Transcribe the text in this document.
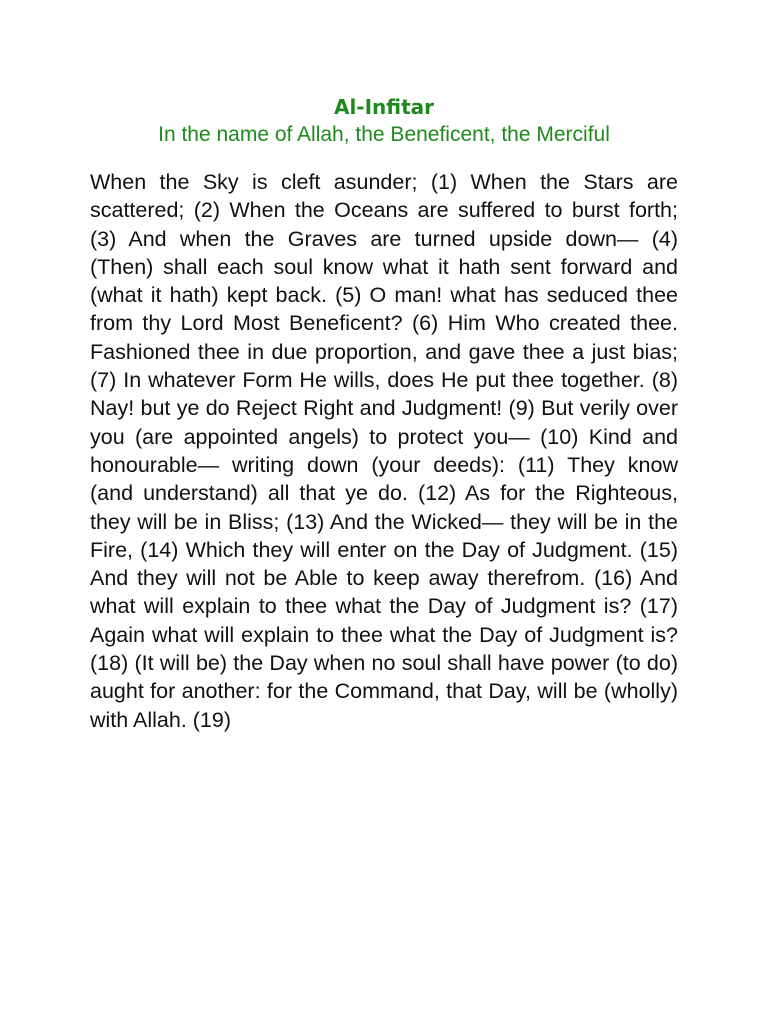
Al-Infitar
In the name of Allah, the Beneficent, the Merciful

When the Sky is cleft asunder; (1) When the Stars are scattered; (2) When the Oceans are suffered to burst forth; (3) And when the Graves are turned upside down— (4) (Then) shall each soul know what it hath sent forward and (what it hath) kept back. (5) O man! what has seduced thee from thy Lord Most Beneficent? (6) Him Who created thee. Fashioned thee in due proportion, and gave thee a just bias; (7) In whatever Form He wills, does He put thee together. (8) Nay! but ye do Reject Right and Judgment! (9) But verily over you (are appointed angels) to protect you— (10) Kind and honourable— writing down (your deeds): (11) They know (and understand) all that ye do. (12) As for the Righteous, they will be in Bliss; (13) And the Wicked— they will be in the Fire, (14) Which they will enter on the Day of Judgment. (15) And they will not be Able to keep away therefrom. (16) And what will explain to thee what the Day of Judgment is? (17) Again what will explain to thee what the Day of Judgment is? (18) (It will be) the Day when no soul shall have power (to do) aught for another: for the Command, that Day, will be (wholly) with Allah. (19)
